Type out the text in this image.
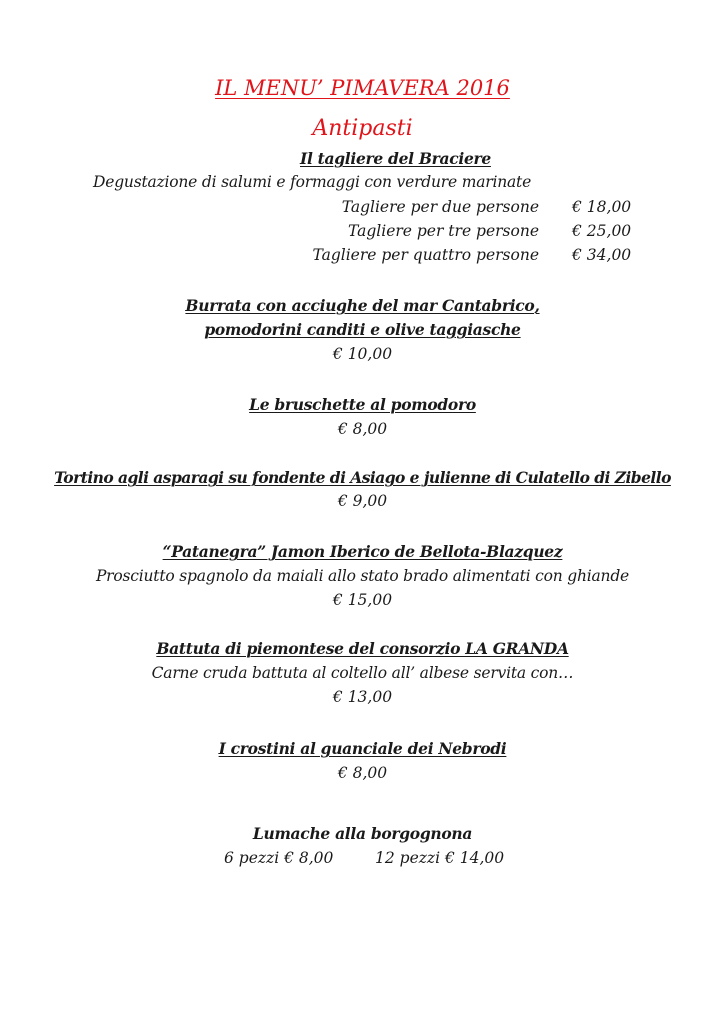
IL MENU’ PIMAVERA 2016
Antipasti
Il tagliere del Braciere
Degustazione di salumi e formaggi con verdure marinate
Tagliere per due persone € 18,00
Tagliere per tre persone € 25,00
Tagliere per quattro persone € 34,00
Burrata con acciughe del mar Cantabrico,
pomodorini canditi e olive taggiasche
€ 10,00
Le bruschette al pomodoro
€ 8,00
Tortino agli asparagi su fondente di Asiago e julienne di Culatello di Zibello
€ 9,00
“Patanegra” Jamon Iberico de Bellota-Blazquez
Prosciutto spagnolo da maiali allo stato brado alimentati con ghiande
€ 15,00
Battuta di piemontese del consorzio LA GRANDA
Carne cruda battuta al coltello all’ albese servita con…
€ 13,00
I crostini al guanciale dei Nebrodi
€ 8,00
Lumache alla borgognona
6 pezzi € 8,00	12 pezzi € 14,00
